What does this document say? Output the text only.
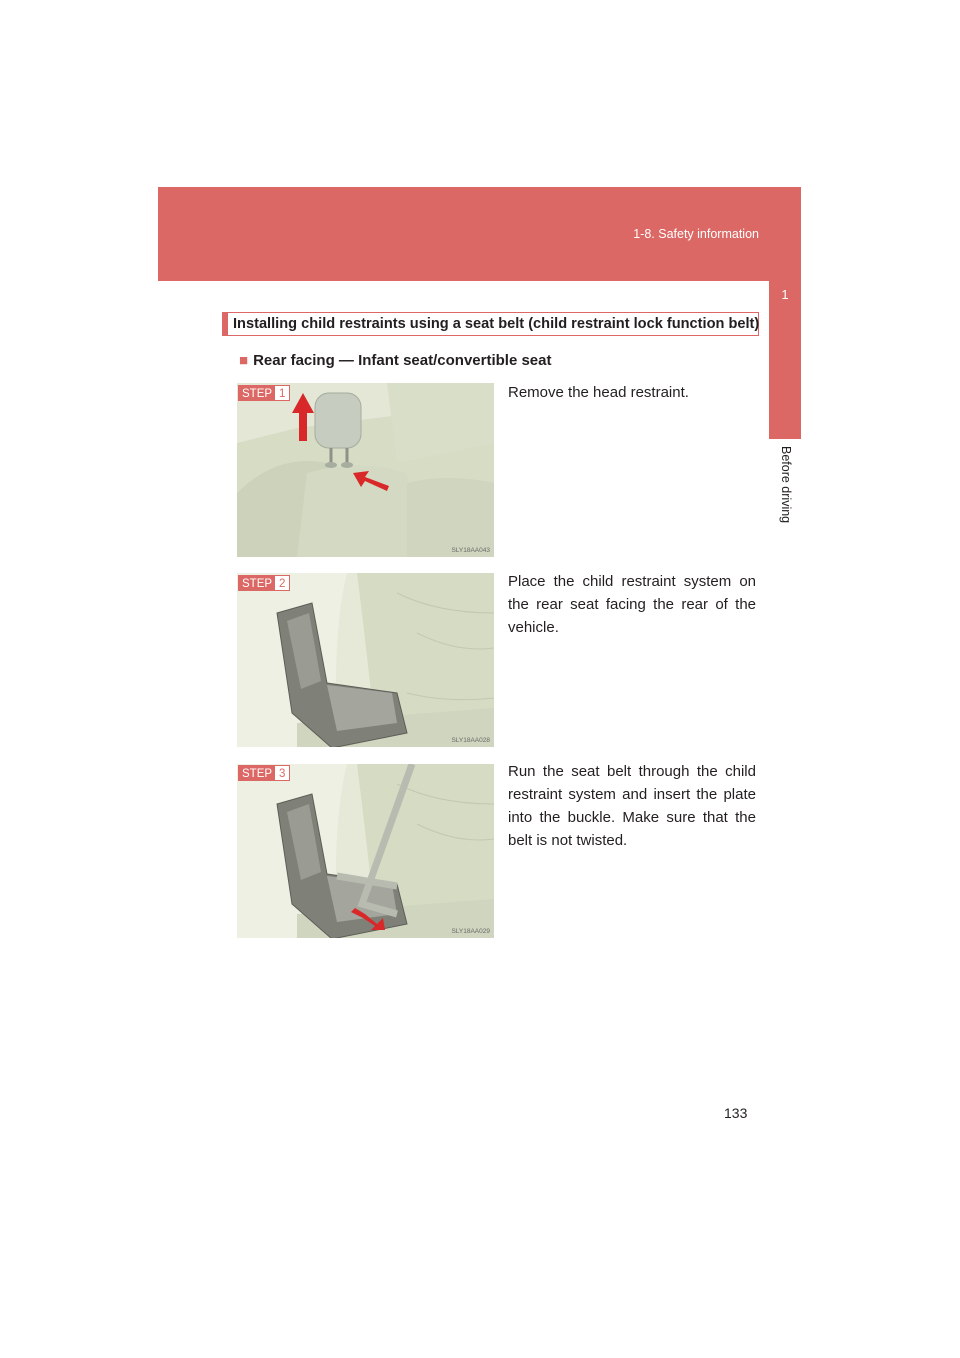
1-8. Safety information
1
Before driving
Installing child restraints using a seat belt (child restraint lock function belt)
■ Rear facing — Infant seat/convertible seat
SLY18AA043
STEP 1	Remove the head restraint.
SLY18AA028
STEP 2	Place the child restraint system on the rear seat facing the rear of the vehicle.
SLY18AA029
STEP 3	Run the seat belt through the child restraint system and insert the plate into the buckle. Make sure that the belt is not twisted.
133
